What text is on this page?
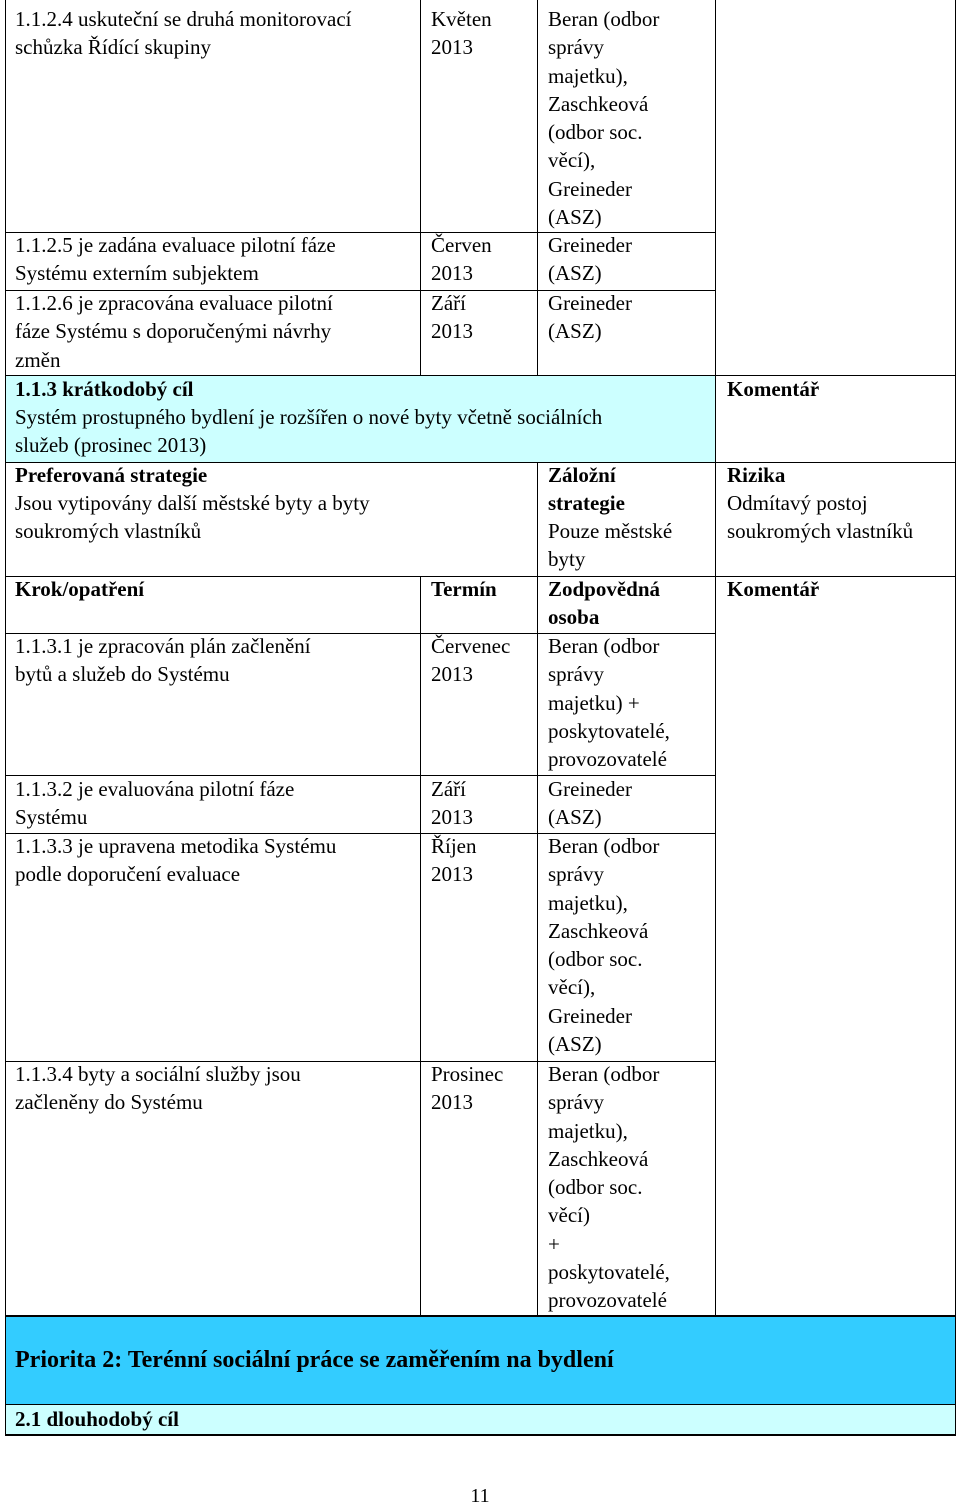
1.1.2.4 uskuteční se druhá monitorovací
schůzka Řídící skupiny
Květen
2013
Beran (odbor
správy
majetku),
Zaschkeová
(odbor soc.
věcí),
Greineder
(ASZ)
1.1.2.5 je zadána evaluace pilotní fáze
Systému externím subjektem
Červen
2013
Greineder
(ASZ)
1.1.2.6 je zpracována evaluace pilotní
fáze Systému s doporučenými návrhy
změn
Září
2013
Greineder
(ASZ)
1.1.3 krátkodobý cíl
Systém prostupného bydlení je rozšířen o nové byty včetně sociálních
služeb (prosinec 2013)
Komentář
Preferovaná strategie
Jsou vytipovány další městské byty a byty
soukromých vlastníků
Záložní
strategie
Pouze městské
byty
Rizika
Odmítavý postoj
soukromých vlastníků
Krok/opatření	Termín	Zodpovědná
osoba
Komentář
1.1.3.1 je zpracován plán začlenění
bytů a služeb do Systému
Červenec
2013
Beran (odbor
správy
majetku) +
poskytovatelé,
provozovatelé
1.1.3.2 je evaluována pilotní fáze
Systému
Září
2013
Greineder
(ASZ)
1.1.3.3 je upravena metodika Systému
podle doporučení evaluace
Říjen
2013
Beran (odbor
správy
majetku),
Zaschkeová
(odbor soc.
věcí),
Greineder
(ASZ)
1.1.3.4 byty a sociální služby jsou
začleněny do Systému
Prosinec
2013
Beran (odbor
správy
majetku),
Zaschkeová
(odbor soc.
věcí)
+
poskytovatelé,
provozovatelé
Priorita 2: Terénní sociální práce se zaměřením na bydlení
2.1 dlouhodobý cíl
11
